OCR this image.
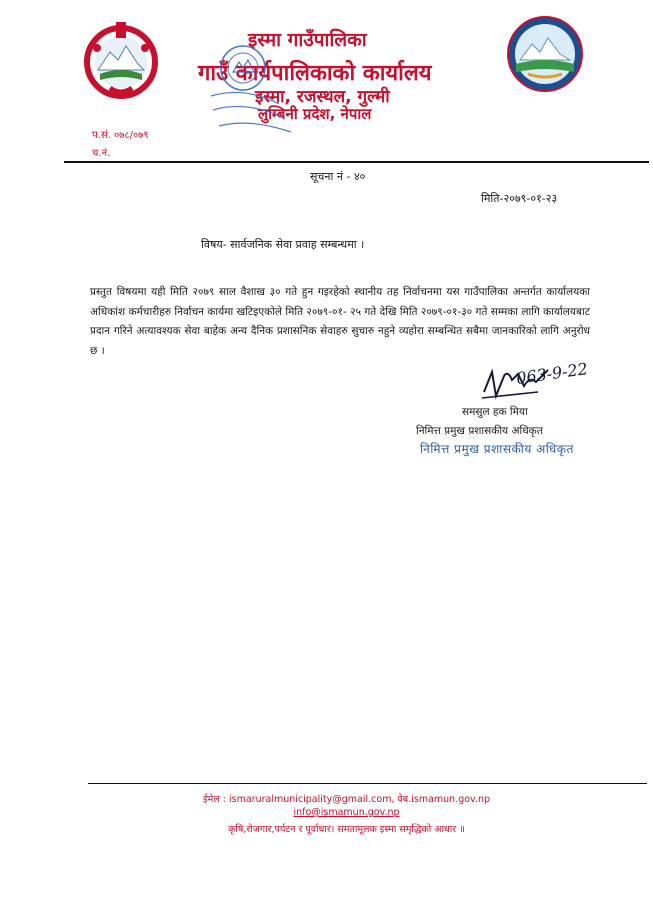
इस्मा गाउँपालिका
गाउँ कार्यपालिकाको कार्यालय
इस्मा, रजस्थल, गुल्मी
लुम्बिनी प्रदेश, नेपाल
प.सं. ०७८/०७९
च.नं.
सूचना नं - ४०
मिति-२०७९-०१-२३
विषय- सार्वजनिक सेवा प्रवाह सम्बन्धमा ।
प्रस्तुत विषयमा यही मिति २०७९ साल वैशाख ३० गते हुन गइरहेको स्थानीय तह निर्वाचनमा यस गाउँपालिका अन्तर्गत कार्यालयका अधिकांश कर्मचारीहरु निर्वाचन कार्यमा खटिइएकोले मिति २०७९-०१- २५ गते देखि मिति २०७९-०१-३० गते सम्मका लागि कार्यालयबाट प्रदान गरिने अत्यावश्यक सेवा बाहेक अन्य दैनिक प्रशासनिक सेवाहरु सुचारु नहुने व्यहोरा सम्बन्धित सबैमा जानकारिको लागि अनुरोध छ ।
063-9-22
समसुल हक मिया
निमित्त प्रमुख प्रशासकीय अधिकृत
निमित्त प्रमुख प्रशासकीय अधिकृत
ईमेल : ismaruralmunicipality@gmail.com, वेब.ismamun.gov.np
info@ismamun.gov.np
कृषि,रोजगार,पर्यटन र पूर्वाधार। समतामूलक इस्मा समृद्धिको आधार ॥
